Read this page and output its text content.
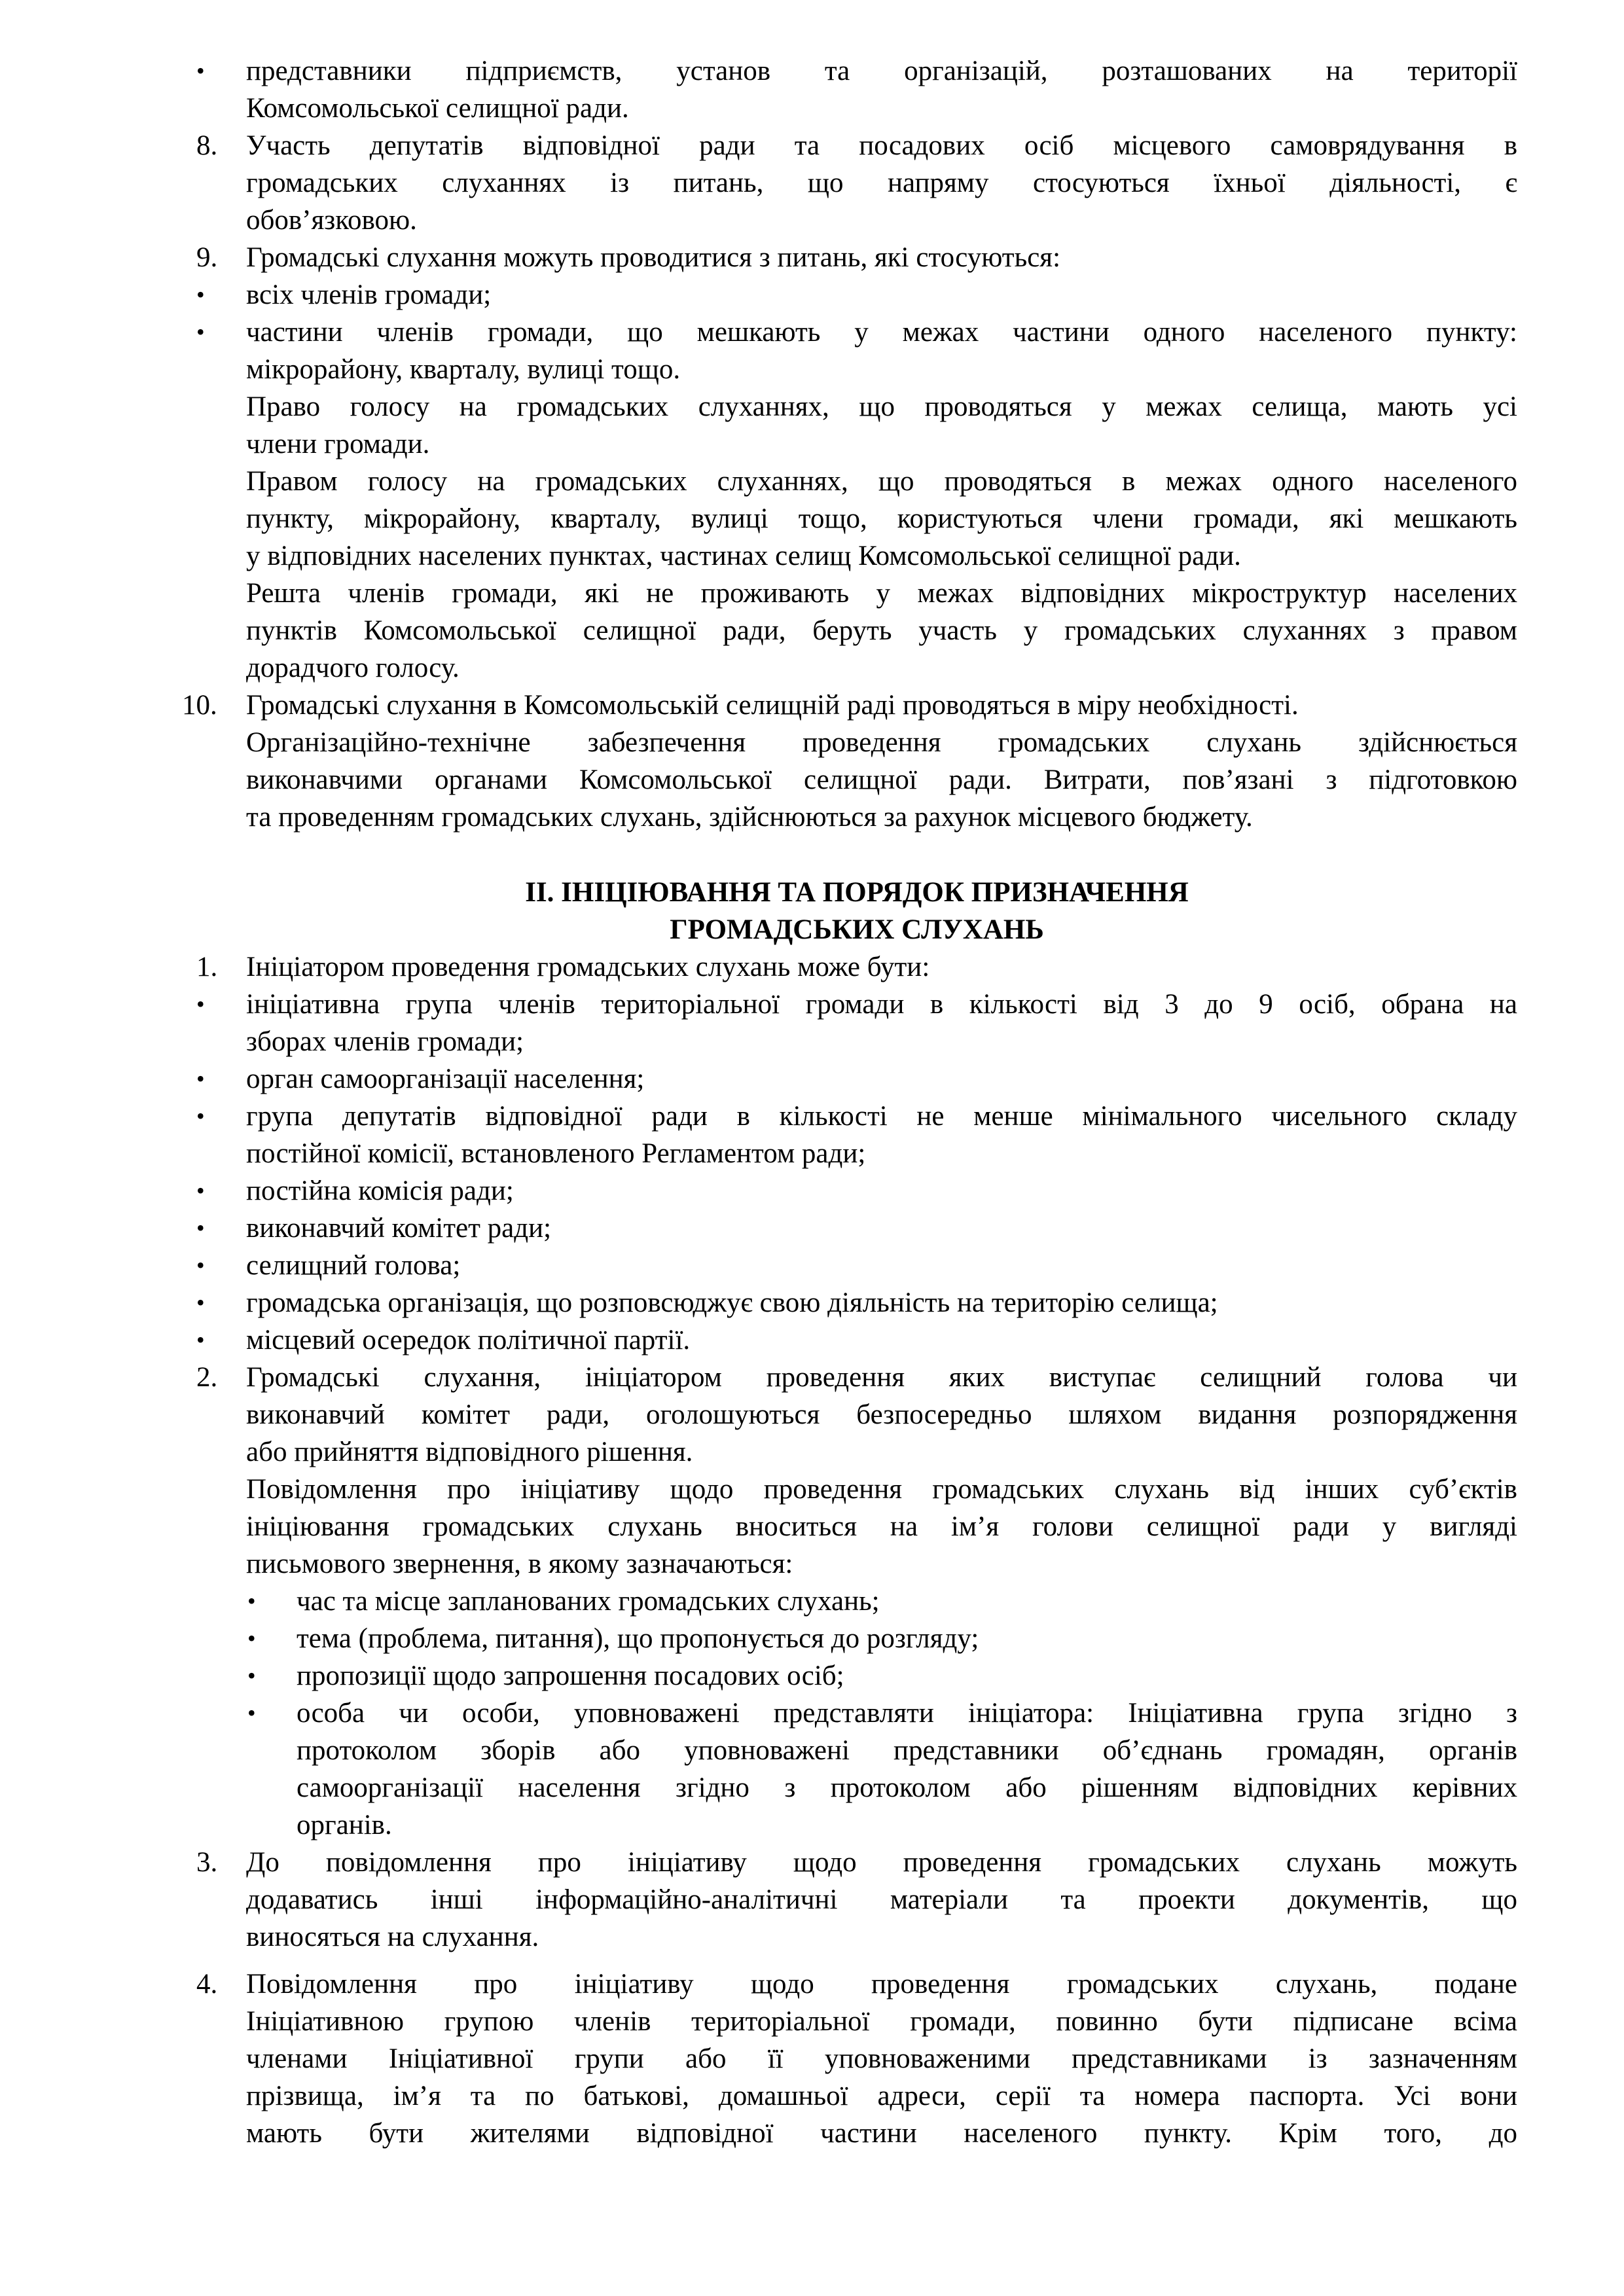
•	представники підприємств, установ та організацій, розташованих на території
Комсомольської селищної ради.
8.	Участь депутатів відповідної ради та посадових осіб місцевого самоврядування в
громадських слуханнях із питань, що напряму стосуються їхньої діяльності, є
обов’язковою.
9.	Громадські слухання можуть проводитися з питань, які стосуються:
•	всіх членів громади;
•	частини членів громади, що мешкають у межах частини одного населеного пункту:
мікрорайону, кварталу, вулиці тощо.
Право голосу на громадських слуханнях, що проводяться у межах селища, мають усі
члени громади.
Правом голосу на громадських слуханнях, що проводяться в межах одного населеного
пункту, мікрорайону, кварталу, вулиці тощо, користуються члени громади, які мешкають
у відповідних населених пунктах, частинах селищ Комсомольської селищної ради.
Решта членів громади, які не проживають у межах відповідних мікроструктур населених
пунктів Комсомольської селищної ради, беруть участь у громадських слуханнях з правом
дорадчого голосу.
10.	Громадські слухання в Комсомольській селищній раді проводяться в міру необхідності.
Організаційно-технічне забезпечення проведення громадських слухань здійснюється
виконавчими органами Комсомольської селищної ради. Витрати, пов’язані з підготовкою
та проведенням громадських слухань, здійснюються за рахунок місцевого бюджету.
ІІ. ІНІЦІЮВАННЯ ТА ПОРЯДОК ПРИЗНАЧЕННЯ
ГРОМАДСЬКИХ СЛУХАНЬ
1.	Ініціатором проведення громадських слухань може бути:
•	ініціативна група членів територіальної громади в кількості від 3 до 9 осіб, обрана на
зборах членів громади;
•	орган самоорганізації населення;
•	група депутатів відповідної ради в кількості не менше мінімального чисельного складу
постійної комісії, встановленого Регламентом ради;
•	постійна комісія ради;
•	виконавчий комітет ради;
•	селищний голова;
•	громадська організація, що розповсюджує свою діяльність на територію селища;
•	місцевий осередок політичної партії.
2.	Громадські слухання, ініціатором проведення яких виступає селищний голова чи
виконавчий комітет ради, оголошуються безпосередньо шляхом видання розпорядження
або прийняття відповідного рішення.
Повідомлення про ініціативу щодо проведення громадських слухань від інших суб’єктів
ініціювання громадських слухань вноситься на ім’я голови селищної ради у вигляді
письмового звернення, в якому зазначаються:
•	час та місце запланованих громадських слухань;
•	тема (проблема, питання), що пропонується до розгляду;
•	пропозиції щодо запрошення посадових осіб;
•	особа чи особи, уповноважені представляти ініціатора: Ініціативна група згідно з
протоколом зборів або уповноважені представники об’єднань громадян, органів
самоорганізації населення згідно з протоколом або рішенням відповідних керівних
органів.
3.	До повідомлення про ініціативу щодо проведення громадських слухань можуть
додаватись інші інформаційно-аналітичні матеріали та проекти документів, що
виносяться на слухання.
4.	Повідомлення про ініціативу щодо проведення громадських слухань, подане
Ініціативною групою членів територіальної громади, повинно бути підписане всіма
членами Ініціативної групи або її уповноваженими представниками із зазначенням
прізвища, ім’я та по батькові, домашньої адреси, серії та номера паспорта. Усі вони
мають бути жителями відповідної частини населеного пункту. Крім того, до
